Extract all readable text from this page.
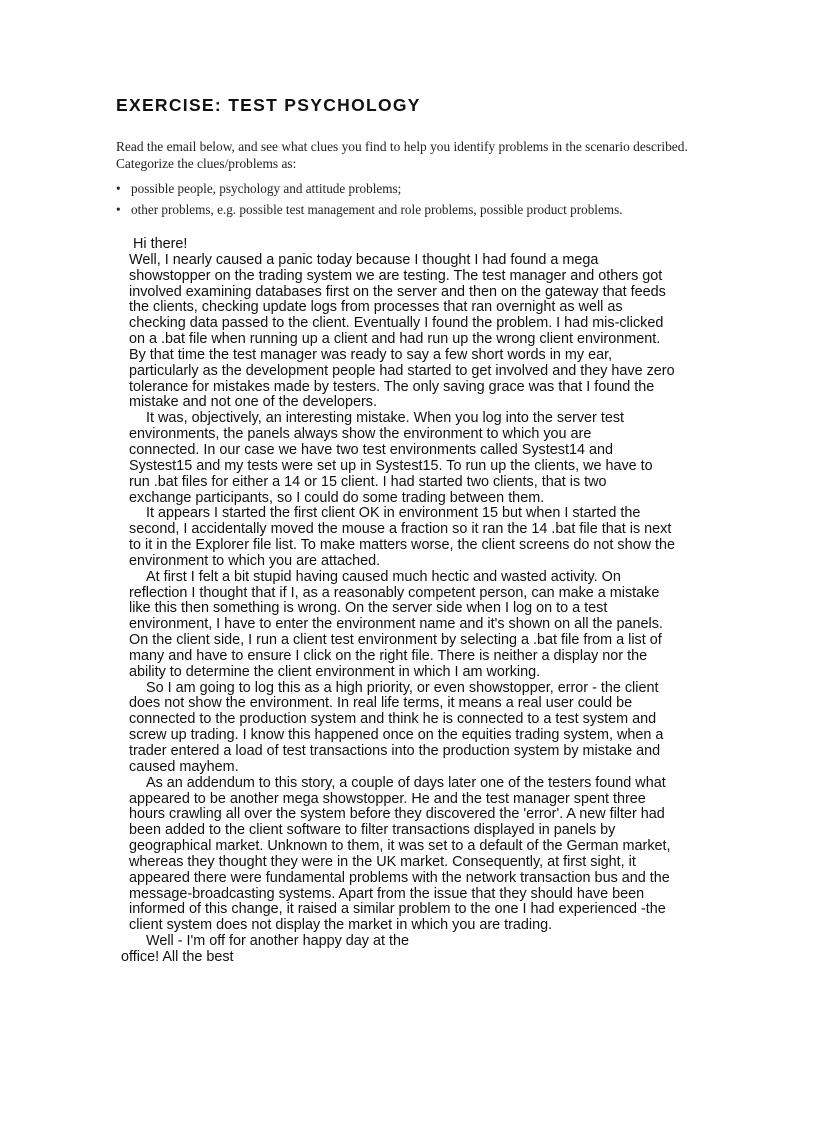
EXERCISE: TEST PSYCHOLOGY
Read the email below, and see what clues you find to help you identify problems in the scenario described.
Categorize the clues/problems as:
• possible people, psychology and attitude problems;
• other problems, e.g. possible test management and role problems, possible product problems.
Hi there!
Well, I nearly caused a panic today because I thought I had found a mega
showstopper on the trading system we are testing. The test manager and others got
involved examining databases first on the server and then on the gateway that feeds
the clients, checking update logs from processes that ran overnight as well as
checking data passed to the client. Eventually I found the problem. I had mis-clicked
on a .bat file when running up a client and had run up the wrong client environment.
By that time the test manager was ready to say a few short words in my ear,
particularly as the development people had started to get involved and they have zero
tolerance for mistakes made by testers. The only saving grace was that I found the
mistake and not one of the developers.
It was, objectively, an interesting mistake. When you log into the server test
environments, the panels always show the environment to which you are
connected. In our case we have two test environments called Systest14 and
Systest15 and my tests were set up in Systest15. To run up the clients, we have to
run .bat files for either a 14 or 15 client. I had started two clients, that is two
exchange participants, so I could do some trading between them.
It appears I started the first client OK in environment 15 but when I started the
second, I accidentally moved the mouse a fraction so it ran the 14 .bat file that is next
to it in the Explorer file list. To make matters worse, the client screens do not show the
environment to which you are attached.
At first I felt a bit stupid having caused much hectic and wasted activity. On
reflection I thought that if I, as a reasonably competent person, can make a mistake
like this then something is wrong. On the server side when I log on to a test
environment, I have to enter the environment name and it's shown on all the panels.
On the client side, I run a client test environment by selecting a .bat file from a list of
many and have to ensure I click on the right file. There is neither a display nor the
ability to determine the client environment in which I am working.
So I am going to log this as a high priority, or even showstopper, error - the client
does not show the environment. In real life terms, it means a real user could be
connected to the production system and think he is connected to a test system and
screw up trading. I know this happened once on the equities trading system, when a
trader entered a load of test transactions into the production system by mistake and
caused mayhem.
As an addendum to this story, a couple of days later one of the testers found what
appeared to be another mega showstopper. He and the test manager spent three
hours crawling all over the system before they discovered the 'error'. A new filter had
been added to the client software to filter transactions displayed in panels by
geographical market. Unknown to them, it was set to a default of the German market,
whereas they thought they were in the UK market. Consequently, at first sight, it
appeared there were fundamental problems with the network transaction bus and the
message-broadcasting systems. Apart from the issue that they should have been
informed of this change, it raised a similar problem to the one I had experienced -the
client system does not display the market in which you are trading.
Well - I'm off for another happy day at the
office! All the best
